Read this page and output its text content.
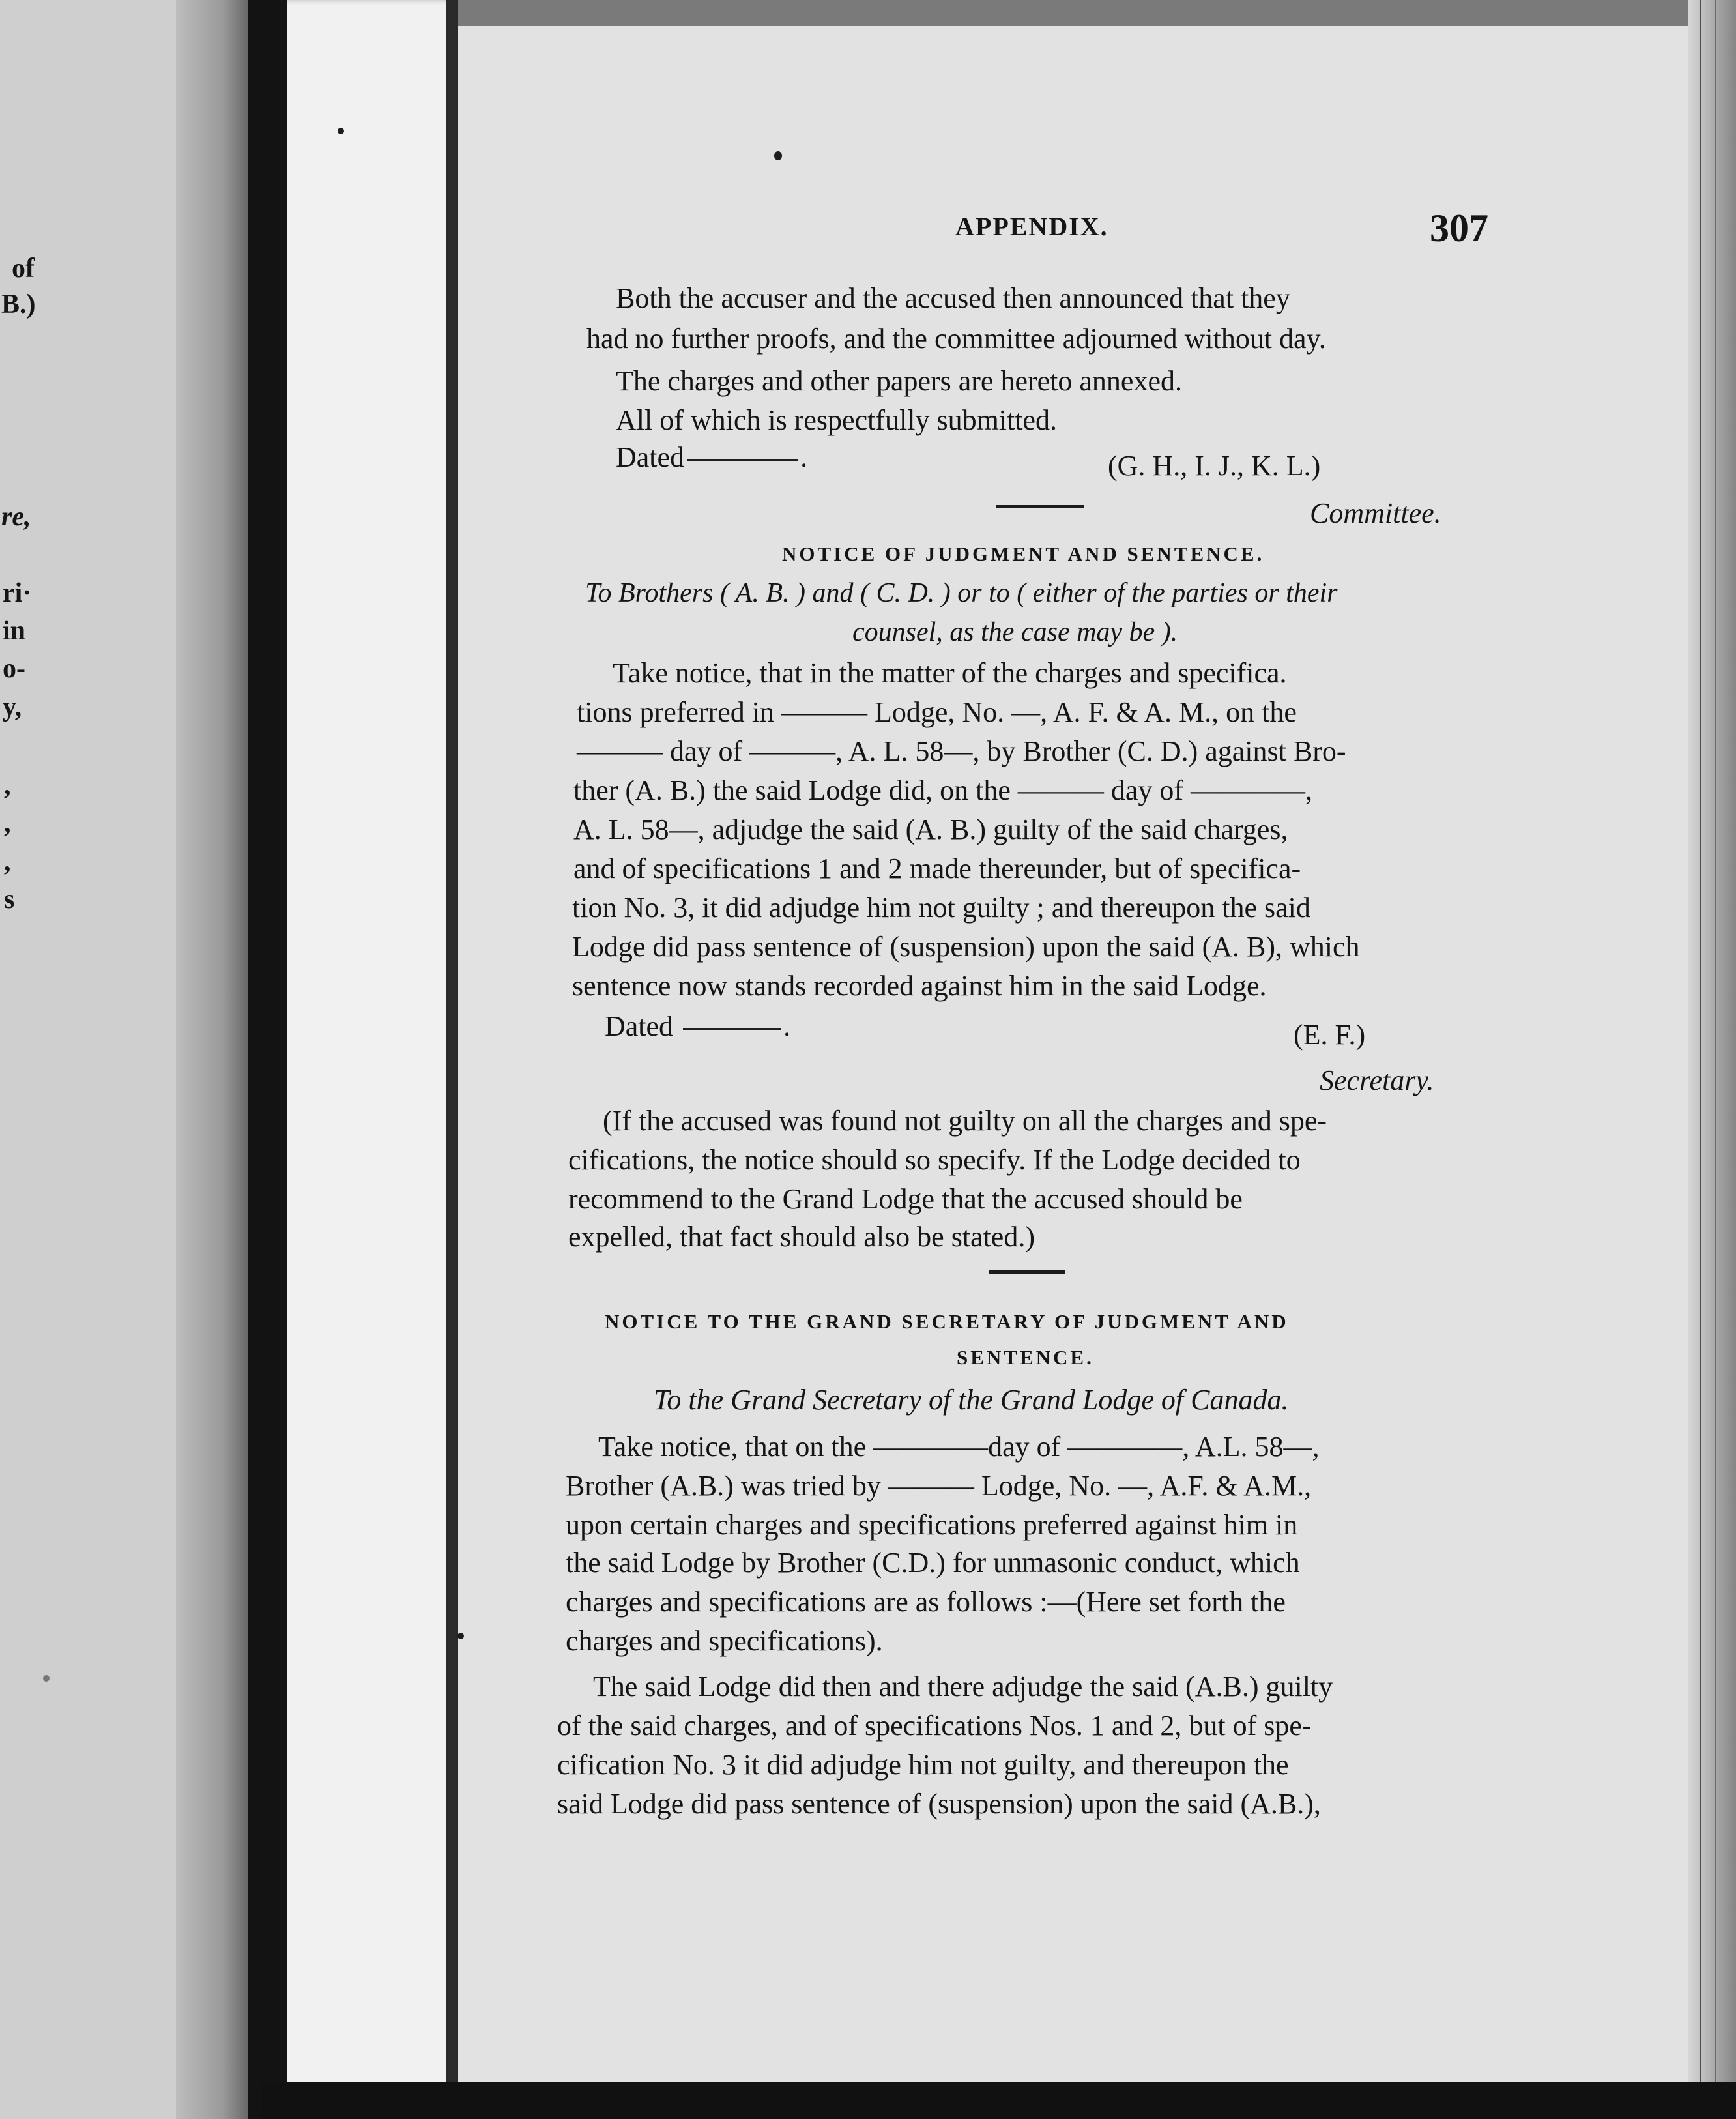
of
B.)
re,
ri·
in
o-
y,
,
,
,
s
APPENDIX.	307
Both the accuser and the accused then announced that they
had no further proofs, and the committee adjourned without day.
The charges and other papers are hereto annexed.
All of which is respectfully submitted.
Dated	.	(G. H., I. J., K. L.)
Committee.
NOTICE OF JUDGMENT AND SENTENCE.
To Brothers ( A. B. ) and ( C. D. ) or to ( either of the parties or their
counsel, as the case may be ).
Take notice, that in the matter of the charges and specifica.
tions preferred in ——— Lodge, No. —, A. F. & A. M., on the
——— day of ———, A. L. 58—, by Brother (C. D.) against Bro-
ther (A. B.) the said Lodge did, on the ——— day of ————,
A. L. 58—, adjudge the said (A. B.) guilty of the said charges,
and of specifications 1 and 2 made thereunder, but of specifica-
tion No. 3, it did adjudge him not guilty ; and thereupon the said
Lodge did pass sentence of (suspension) upon the said (A. B), which
sentence now stands recorded against him in the said Lodge.
Dated	.	(E. F.)
Secretary.
(If the accused was found not guilty on all the charges and spe-
cifications, the notice should so specify. If the Lodge decided to
recommend to the Grand Lodge that the accused should be
expelled, that fact should also be stated.)
NOTICE TO THE GRAND SECRETARY OF JUDGMENT AND
SENTENCE.
To the Grand Secretary of the Grand Lodge of Canada.
Take notice, that on the ————day of ————, A.L. 58—,
Brother (A.B.) was tried by ——— Lodge, No. —, A.F. & A.M.,
upon certain charges and specifications preferred against him in
the said Lodge by Brother (C.D.) for unmasonic conduct, which
charges and specifications are as follows :—(Here set forth the
charges and specifications).
The said Lodge did then and there adjudge the said (A.B.) guilty
of the said charges, and of specifications Nos. 1 and 2, but of spe-
cification No. 3 it did adjudge him not guilty, and thereupon the
said Lodge did pass sentence of (suspension) upon the said (A.B.),
